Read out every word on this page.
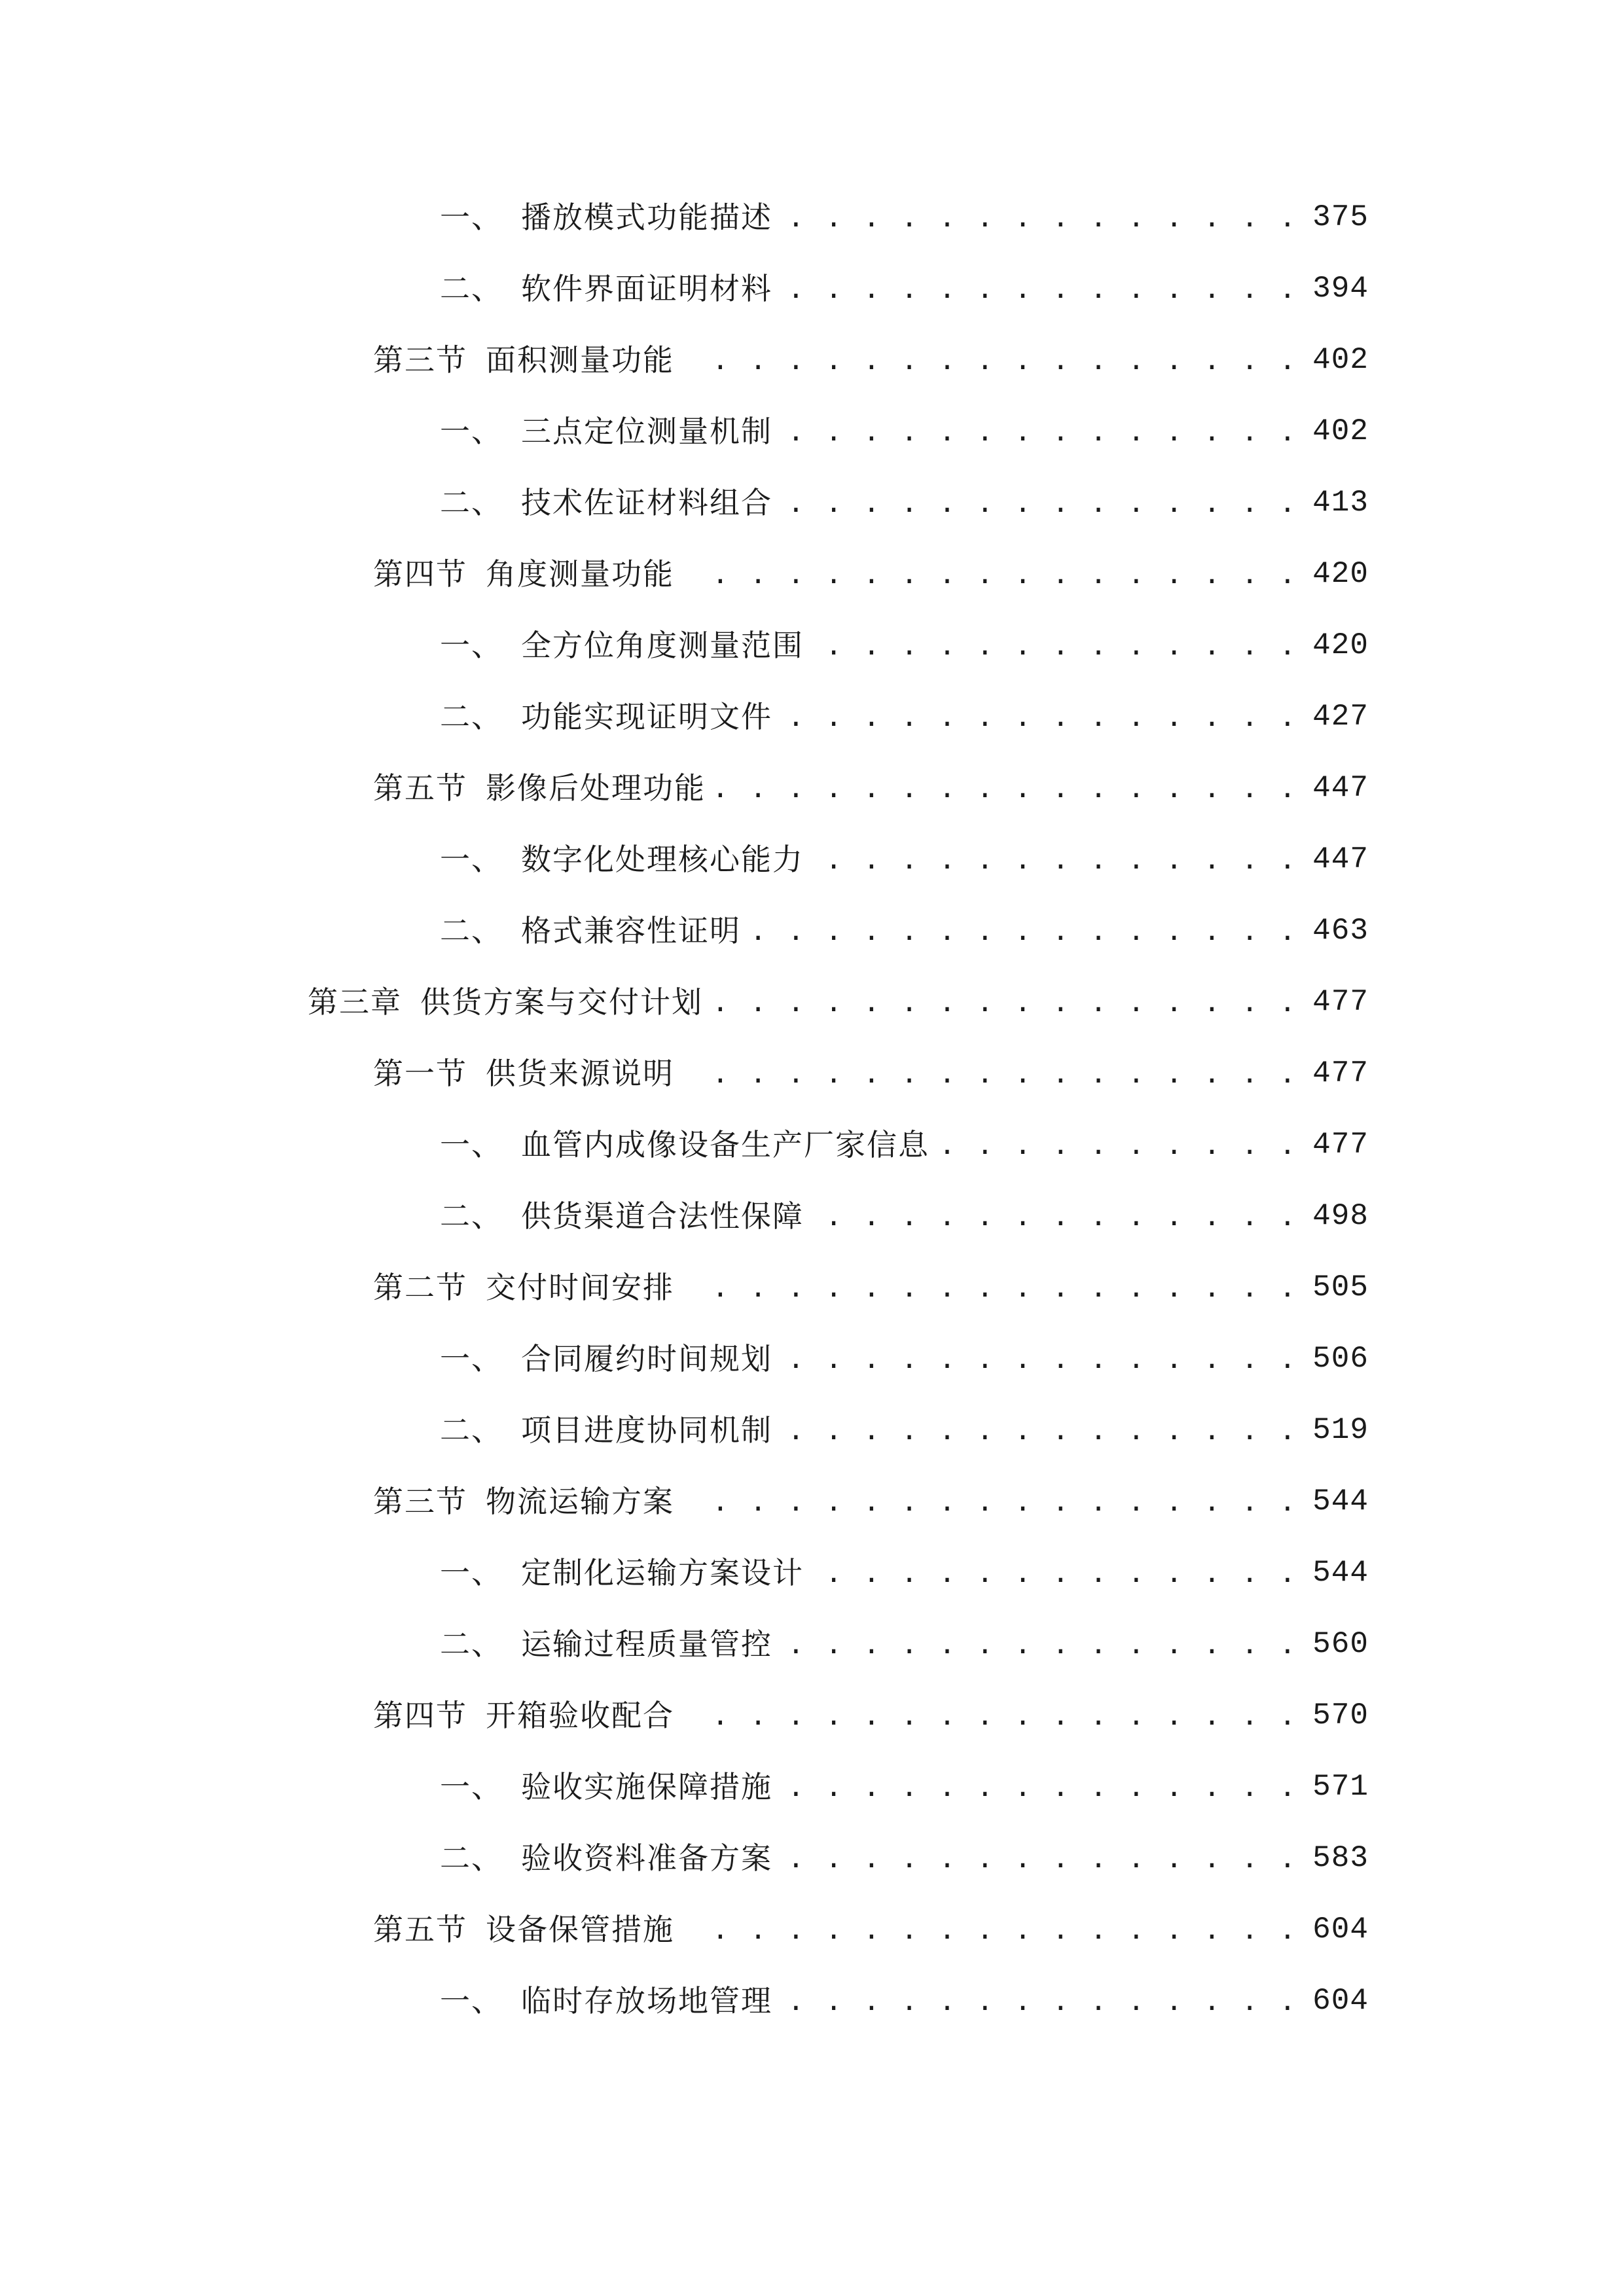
一、 播放模式功能描述 . . .	375
二、 软件界面证明材料 . . .	394
第三节 面积测量功能 . . .	402
一、 三点定位测量机制 . . .	402
二、 技术佐证材料组合 . . .	413
第四节 角度测量功能 . . .	420
一、 全方位角度测量范围 . . .	420
二、 功能实现证明文件 . . .	427
第五节 影像后处理功能 . . .	447
一、 数字化处理核心能力 . . .	447
二、 格式兼容性证明 . . .	463
第三章 供货方案与交付计划 . . .	477
第一节 供货来源说明 . . .	477
一、 血管内成像设备生产厂家信息 . . .	477
二、 供货渠道合法性保障 . . .	498
第二节 交付时间安排 . . .	505
一、 合同履约时间规划 . . .	506
二、 项目进度协同机制 . . .	519
第三节 物流运输方案 . . .	544
一、 定制化运输方案设计 . . .	544
二、 运输过程质量管控 . . .	560
第四节 开箱验收配合 . . .	570
一、 验收实施保障措施 . . .	571
二、 验收资料准备方案 . . .	583
第五节 设备保管措施 . . .	604
一、 临时存放场地管理 . . .	604
